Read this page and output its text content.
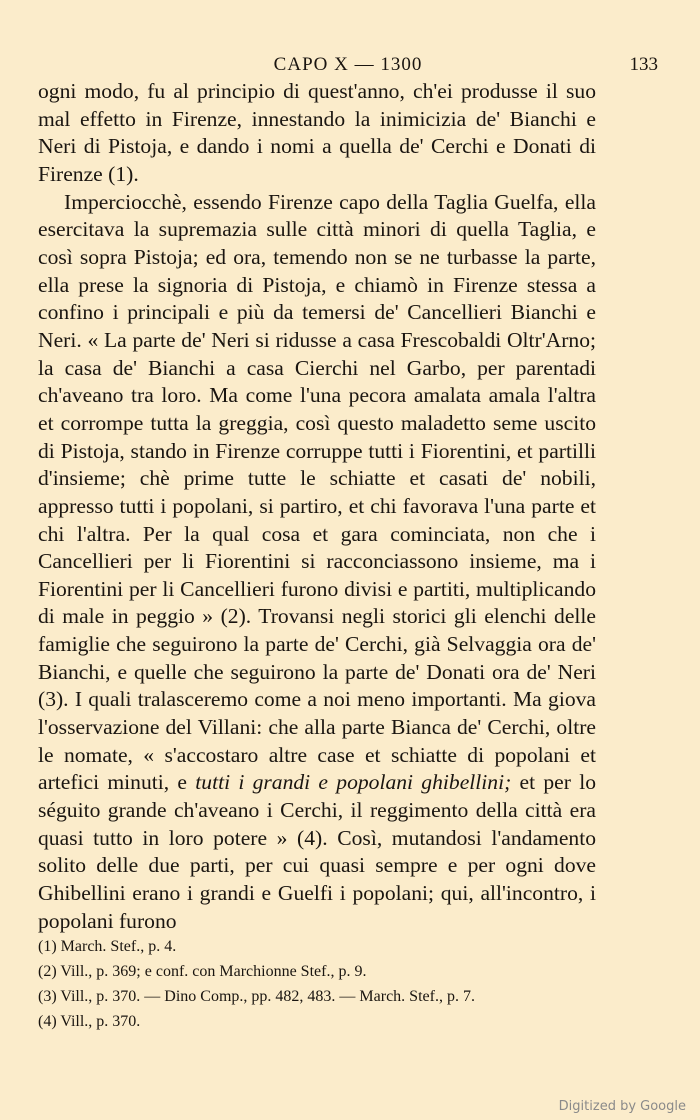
CAPO X — 1300	133

ogni modo, fu al principio di quest'anno, ch'ei produsse il suo mal effetto in Firenze, innestando la inimicizia de' Bianchi e Neri di Pistoja, e dando i nomi a quella de' Cerchi e Donati di Firenze (1).

Imperciocchè, essendo Firenze capo della Taglia Guelfa, ella esercitava la supremazia sulle città minori di quella Taglia, e così sopra Pistoja; ed ora, temendo non se ne turbasse la parte, ella prese la signoria di Pistoja, e chiamò in Firenze stessa a confino i principali e più da temersi de' Cancellieri Bianchi e Neri. « La parte de' Neri si ridusse a casa Frescobaldi Oltr'Arno; la casa de' Bianchi a casa Cierchi nel Garbo, per parentadi ch'aveano tra loro. Ma come l'una pecora amalata amala l'altra et corrompe tutta la greggia, così questo maladetto seme uscito di Pistoja, stando in Firenze corruppe tutti i Fiorentini, et partilli d'insieme; chè prime tutte le schiatte et casati de' nobili, appresso tutti i popolani, si partiro, et chi favorava l'una parte et chi l'altra. Per la qual cosa et gara cominciata, non che i Cancellieri per li Fiorentini si racconciassono insieme, ma i Fiorentini per li Cancellieri furono divisi e partiti, multiplicando di male in peggio » (2). Trovansi negli storici gli elenchi delle famiglie che seguirono la parte de' Cerchi, già Selvaggia ora de' Bianchi, e quelle che seguirono la parte de' Donati ora de' Neri (3). I quali tralasceremo come a noi meno importanti. Ma giova l'osservazione del Villani: che alla parte Bianca de' Cerchi, oltre le nomate, « s'accostaro altre case et schiatte di popolani et artefici minuti, e tutti i grandi e popolani ghibellini; et per lo séguito grande ch'aveano i Cerchi, il reggimento della città era quasi tutto in loro potere » (4). Così, mutandosi l'andamento solito delle due parti, per cui quasi sempre e per ogni dove Ghibellini erano i grandi e Guelfi i popolani; qui, all'incontro, i popolani furono

(1) March. Stef., p. 4.

(2) Vill., p. 369; e conf. con Marchionne Stef., p. 9.

(3) Vill., p. 370. — Dino Comp., pp. 482, 483. — March. Stef., p. 7.

(4) Vill., p. 370.

Digitized by Google
